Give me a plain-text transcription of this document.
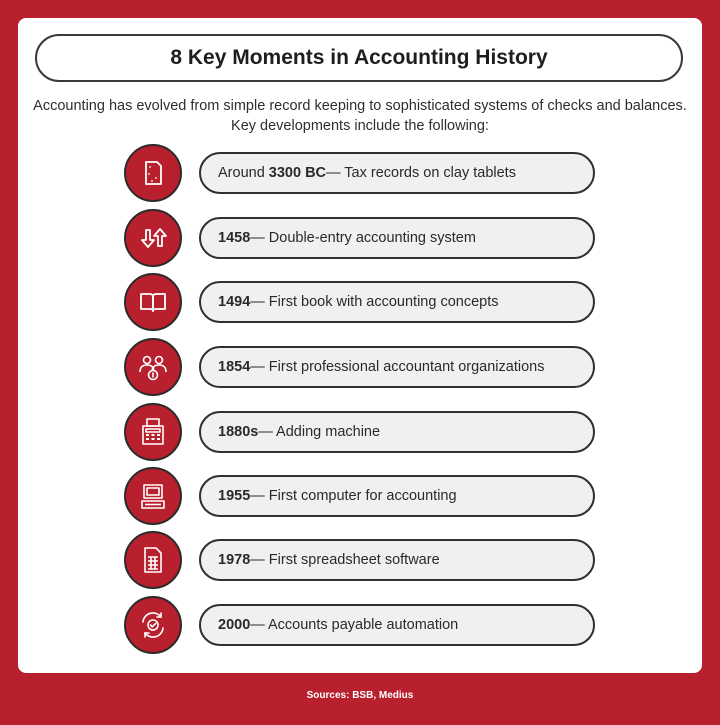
8 Key Moments in Accounting History
Accounting has evolved from simple record keeping to sophisticated systems of checks and balances. Key developments include the following:
Around 3300 BC — Tax records on clay tablets
1458 — Double-entry accounting system
1494 — First book with accounting concepts
1854 — First professional accountant organizations
1880s — Adding machine
1955 — First computer for accounting
1978 — First spreadsheet software
2000 — Accounts payable automation
Sources: BSB, Medius
